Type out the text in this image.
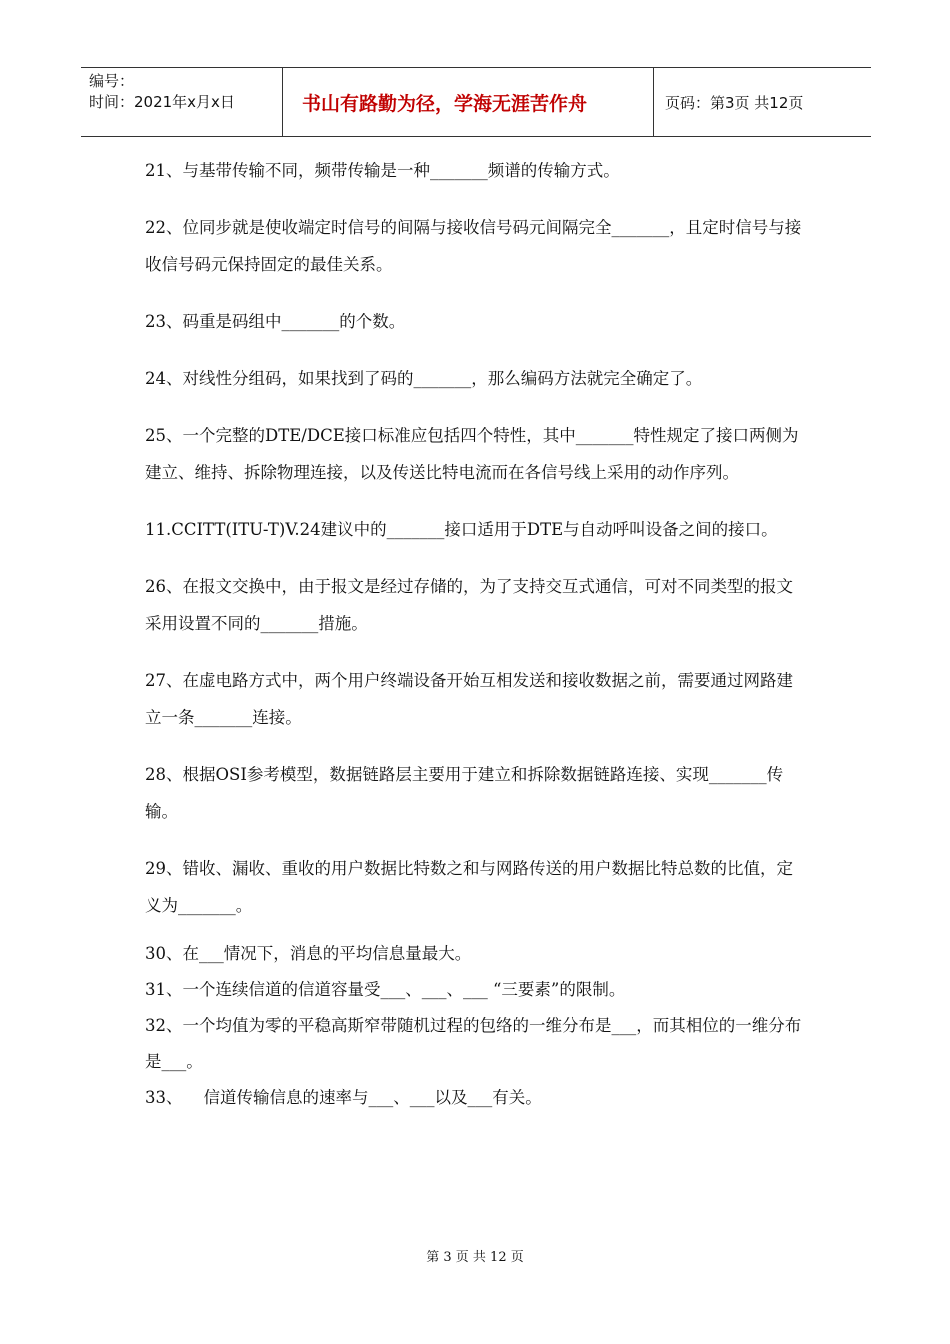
编号：
时间：2021年x月x日	书山有路勤为径，学海无涯苦作舟	页码：第3页 共12页

21、与基带传输不同，频带传输是一种_______频谱的传输方式。

22、位同步就是使收端定时信号的间隔与接收信号码元间隔完全_______，且定时信号与接收信号码元保持固定的最佳关系。

23、码重是码组中_______的个数。

24、对线性分组码，如果找到了码的_______，那么编码方法就完全确定了。

25、一个完整的DTE/DCE接口标准应包括四个特性，其中_______特性规定了接口两侧为建立、维持、拆除物理连接，以及传送比特电流而在各信号线上采用的动作序列。

11.CCITT(ITU-T)V.24建议中的_______接口适用于DTE与自动呼叫设备之间的接口。

26、在报文交换中，由于报文是经过存储的，为了支持交互式通信，可对不同类型的报文采用设置不同的_______措施。

27、在虚电路方式中，两个用户终端设备开始互相发送和接收数据之前，需要通过网路建立一条_______连接。

28、根据OSI参考模型，数据链路层主要用于建立和拆除数据链路连接、实现_______传输。

29、错收、漏收、重收的用户数据比特数之和与网路传送的用户数据比特总数的比值，定义为_______。

30、在___情况下，消息的平均信息量最大。

31、一个连续信道的信道容量受___、___、___ “三要素”的限制。

32、一个均值为零的平稳高斯窄带随机过程的包络的一维分布是___，而其相位的一维分布是___。

33、    信道传输信息的速率与___、___以及___有关。

第 3 页 共 12 页
